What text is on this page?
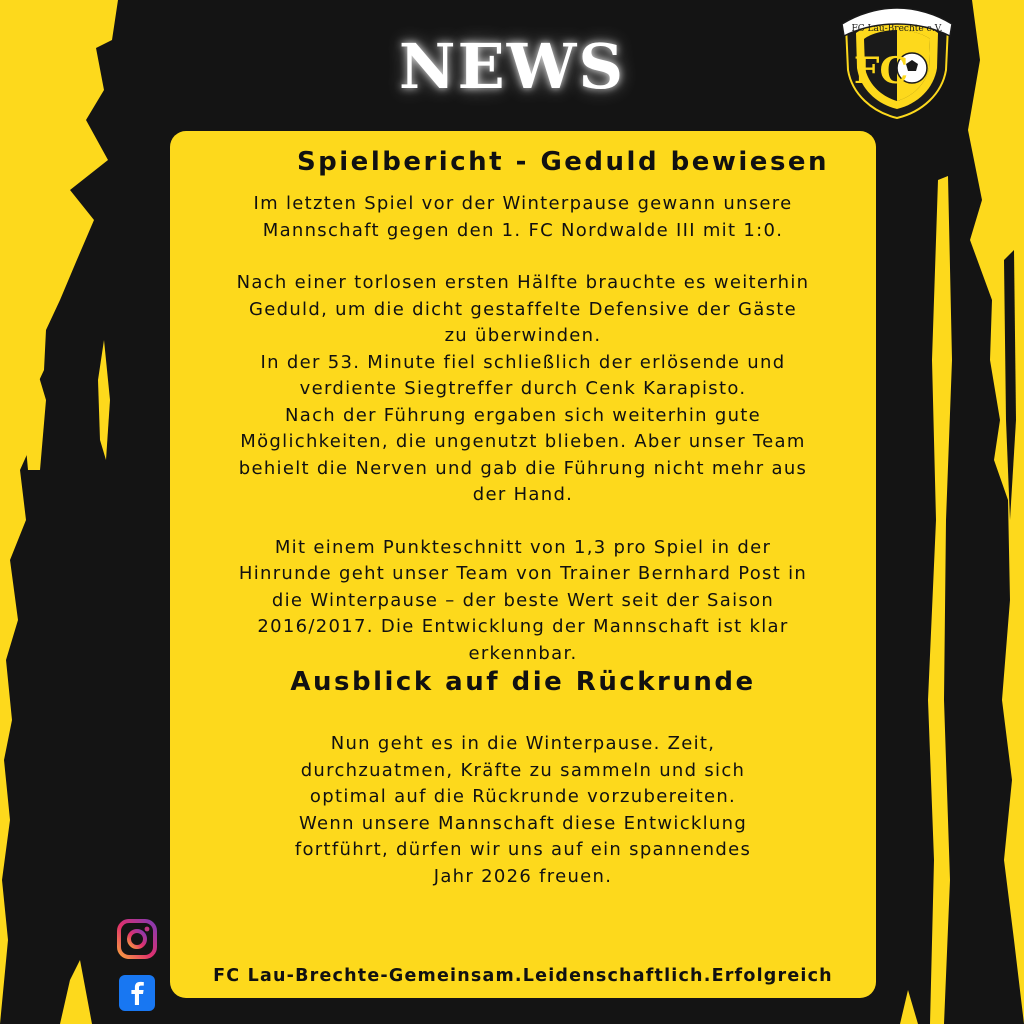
NEWS	FC
FC Lau-Brechte e.V.
Spielbericht - Geduld bewiesen

Im letzten Spiel vor der Winterpause gewann unsere
Mannschaft gegen den 1. FC Nordwalde III mit 1:0.

Nach einer torlosen ersten Hälfte brauchte es weiterhin
Geduld, um die dicht gestaffelte Defensive der Gäste
zu überwinden.
In der 53. Minute fiel schließlich der erlösende und
verdiente Siegtreffer durch Cenk Karapisto.
Nach der Führung ergaben sich weiterhin gute
Möglichkeiten, die ungenutzt blieben. Aber unser Team
behielt die Nerven und gab die Führung nicht mehr aus
der Hand.

Mit einem Punkteschnitt von 1,3 pro Spiel in der
Hinrunde geht unser Team von Trainer Bernhard Post in
die Winterpause – der beste Wert seit der Saison
2016/2017. Die Entwicklung der Mannschaft ist klar
erkennbar.

Ausblick auf die Rückrunde

Nun geht es in die Winterpause. Zeit,
durchzuatmen, Kräfte zu sammeln und sich
optimal auf die Rückrunde vorzubereiten.
Wenn unsere Mannschaft diese Entwicklung
fortführt, dürfen wir uns auf ein spannendes
Jahr 2026 freuen.

FC Lau-Brechte-Gemeinsam.Leidenschaftlich.Erfolgreich
